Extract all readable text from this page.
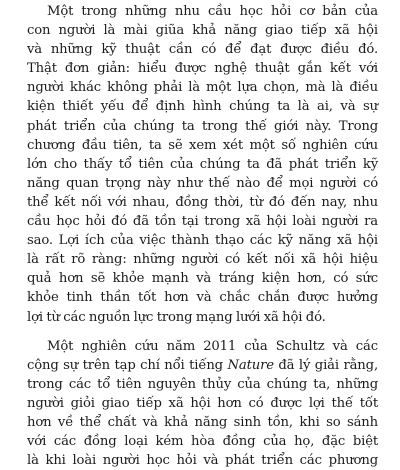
Một trong những nhu cầu học hỏi cơ bản của
con người là mài giũa khả năng giao tiếp xã hội
và những kỹ thuật cần có để đạt được điều đó.
Thật đơn giản: hiểu được nghệ thuật gắn kết với
người khác không phải là một lựa chọn, mà là điều
kiện thiết yếu để định hình chúng ta là ai, và sự
phát triển của chúng ta trong thế giới này. Trong
chương đầu tiên, ta sẽ xem xét một số nghiên cứu
lớn cho thấy tổ tiên của chúng ta đã phát triển kỹ
năng quan trọng này như thế nào để mọi người có
thể kết nối với nhau, đồng thời, từ đó đến nay, nhu
cầu học hỏi đó đã tồn tại trong xã hội loài người ra
sao. Lợi ích của việc thành thạo các kỹ năng xã hội
là rất rõ ràng: những người có kết nối xã hội hiệu
quả hơn sẽ khỏe mạnh và tráng kiện hơn, có sức
khỏe tinh thần tốt hơn và chắc chắn được hưởng
lợi từ các nguồn lực trong mạng lưới xã hội đó.

Một nghiên cứu năm 2011 của Schultz và các
cộng sự trên tạp chí nổi tiếng Nature đã lý giải rằng,
trong các tổ tiên nguyên thủy của chúng ta, những
người giỏi giao tiếp xã hội hơn có được lợi thế tốt
hơn về thể chất và khả năng sinh tồn, khi so sánh
với các đồng loại kém hòa đồng của họ, đặc biệt
là khi loài người học hỏi và phát triển các phương
